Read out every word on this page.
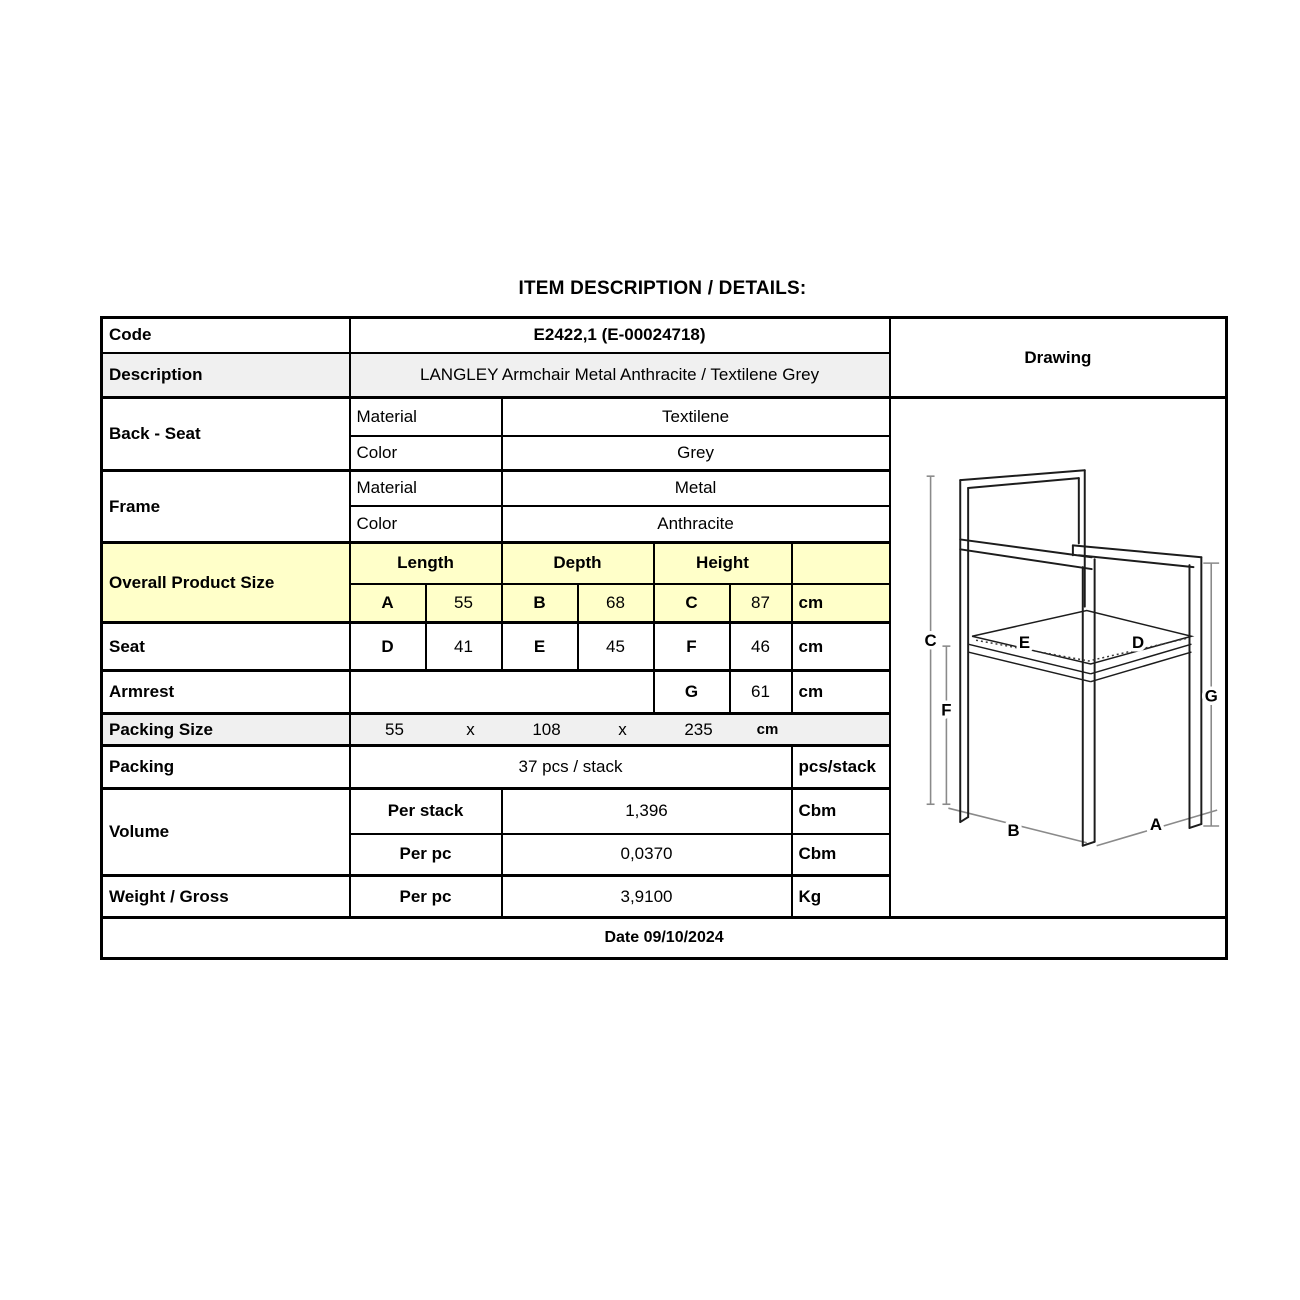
ITEM DESCRIPTION / DETAILS:
Code	E2422,1 (E-00024718)							Drawing
Description	LANGLEY Armchair Metal Anthracite / Textilene Grey							
Back - Seat	Material	Textilene	
C
F
E	D
G
B	A

	Color		Grey					
Frame	Material		Metal					
	Color		Anthracite					
Overall Product Size	Length		Depth		Height			
	A	55	B	68	C	87	cm	
Seat	D	41	E	45	F	46	cm	
Armrest					G	61	cm	
Packing Size	55	x	108	x	235	cm

Packing	37 pcs / stack						pcs/stack	
Volume	Per stack		1,396				Cbm	
	Per pc		0,0370				Cbm	
Weight / Gross	Per pc		3,9100				Kg	
Date 09/10/2024								
